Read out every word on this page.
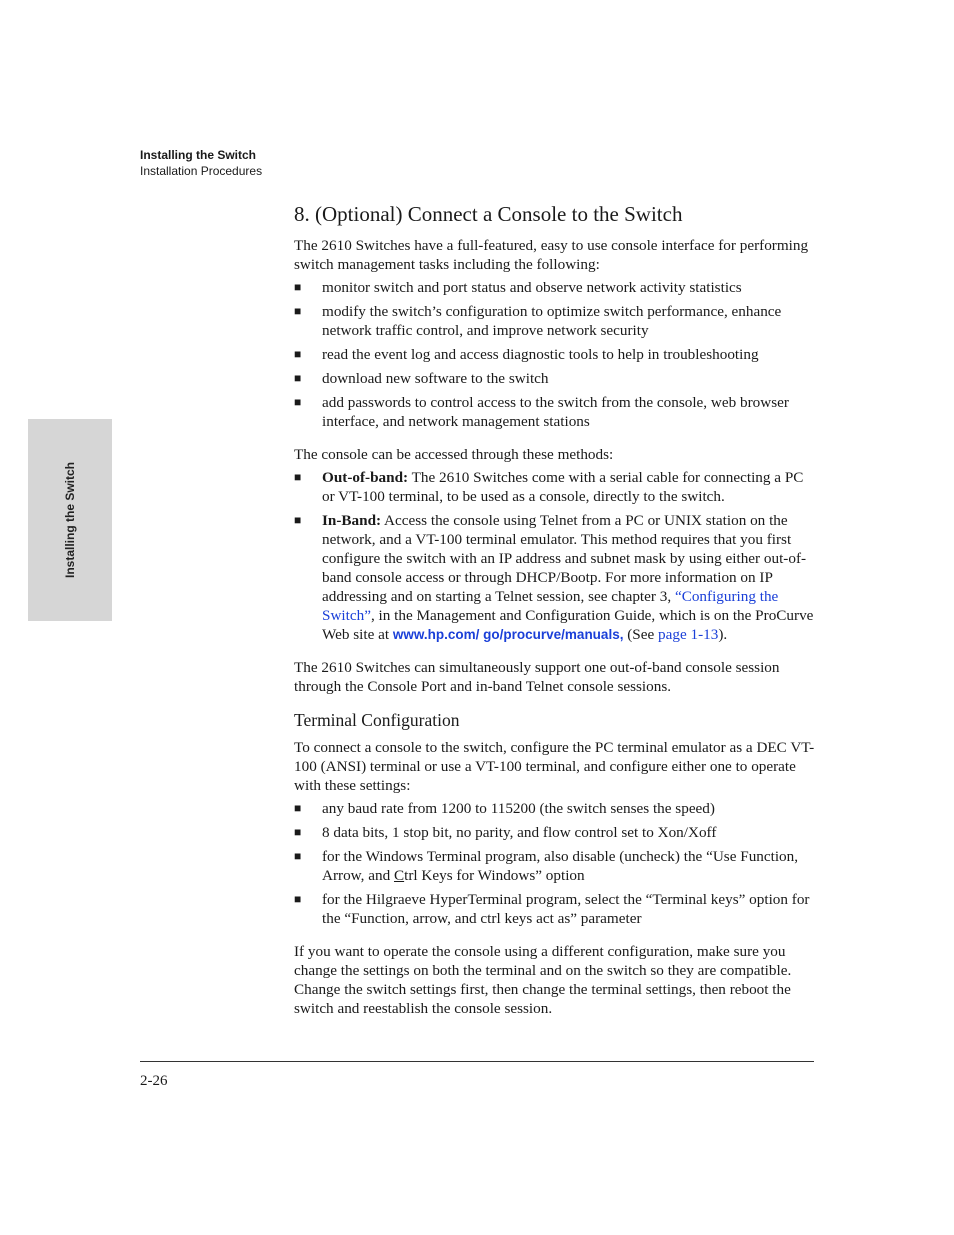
Installing the Switch
Installation Procedures
Installing the Switch
8. (Optional) Connect a Console to the Switch

The 2610 Switches have a full-featured, easy to use console interface for performing switch management tasks including the following:

■ monitor switch and port status and observe network activity statistics
■ modify the switch’s configuration to optimize switch performance, enhance network traffic control, and improve network security
■ read the event log and access diagnostic tools to help in troubleshooting
■ download new software to the switch
■ add passwords to control access to the switch from the console, web browser interface, and network management stations

The console can be accessed through these methods:

■ Out-of-band: The 2610 Switches come with a serial cable for connecting a PC or VT-100 terminal, to be used as a console, directly to the switch.
■ In-Band: Access the console using Telnet from a PC or UNIX station on the network, and a VT-100 terminal emulator. This method requires that you first configure the switch with an IP address and subnet mask by using either out-of-band console access or through DHCP/Bootp. For more information on IP addressing and on starting a Telnet session, see chapter 3, “Configuring the Switch”, in the Management and Configuration Guide, which is on the ProCurve Web site at www.hp.com/ go/procurve/manuals, (See page 1-13).

The 2610 Switches can simultaneously support one out-of-band console session through the Console Port and in-band Telnet console sessions.

Terminal Configuration

To connect a console to the switch, configure the PC terminal emulator as a DEC VT-100 (ANSI) terminal or use a VT-100 terminal, and configure either one to operate with these settings:

■ any baud rate from 1200 to 115200 (the switch senses the speed)
■ 8 data bits, 1 stop bit, no parity, and flow control set to Xon/Xoff
■ for the Windows Terminal program, also disable (uncheck) the “Use Function, Arrow, and Ctrl Keys for Windows” option
■ for the Hilgraeve HyperTerminal program, select the “Terminal keys” option for the “Function, arrow, and ctrl keys act as” parameter

If you want to operate the console using a different configuration, make sure you change the settings on both the terminal and on the switch so they are compatible. Change the switch settings first, then change the terminal settings, then reboot the switch and reestablish the console session.

2-26
